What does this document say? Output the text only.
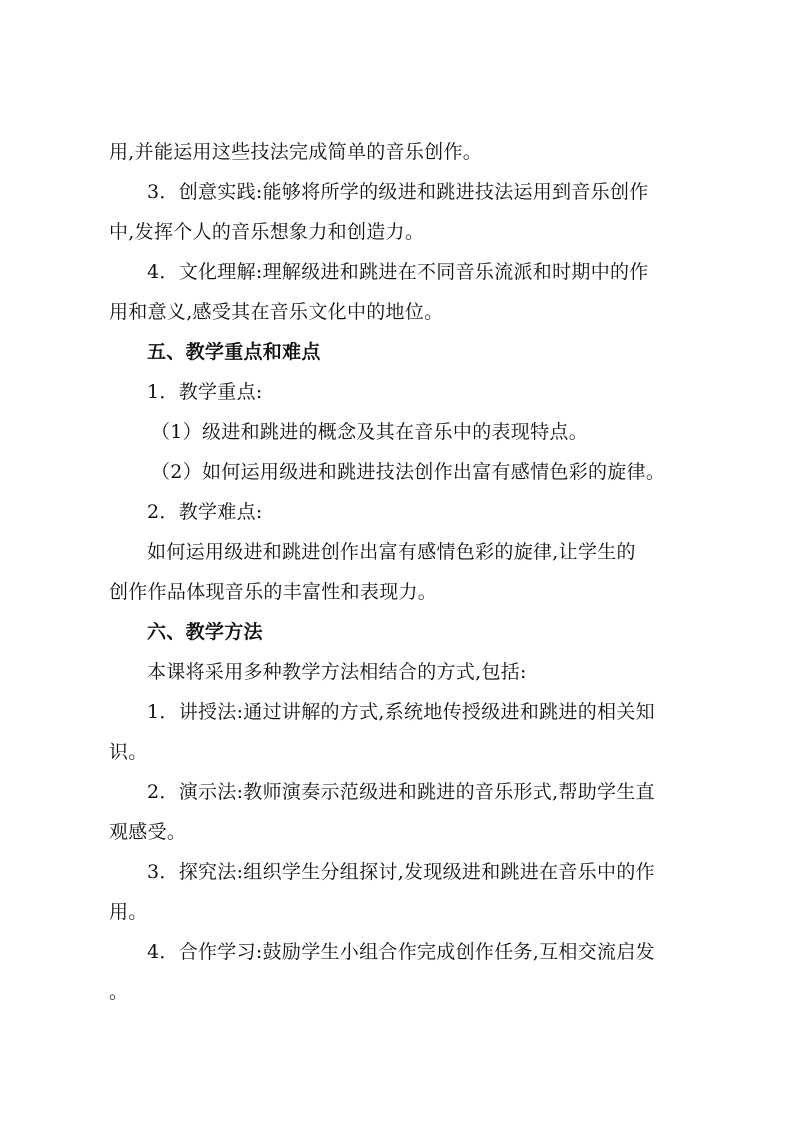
用,并能运用这些技法完成简单的音乐创作。
3．创意实践:能够将所学的级进和跳进技法运用到音乐创作
中,发挥个人的音乐想象力和创造力。
4．文化理解:理解级进和跳进在不同音乐流派和时期中的作
用和意义,感受其在音乐文化中的地位。
五、教学重点和难点
1．教学重点:
（1）级进和跳进的概念及其在音乐中的表现特点。
（2）如何运用级进和跳进技法创作出富有感情色彩的旋律。
2．教学难点:
如何运用级进和跳进创作出富有感情色彩的旋律,让学生的
创作作品体现音乐的丰富性和表现力。
六、教学方法
本课将采用多种教学方法相结合的方式,包括:
1．讲授法:通过讲解的方式,系统地传授级进和跳进的相关知
识。
2．演示法:教师演奏示范级进和跳进的音乐形式,帮助学生直
观感受。
3．探究法:组织学生分组探讨,发现级进和跳进在音乐中的作
用。
4．合作学习:鼓励学生小组合作完成创作任务,互相交流启发
。
